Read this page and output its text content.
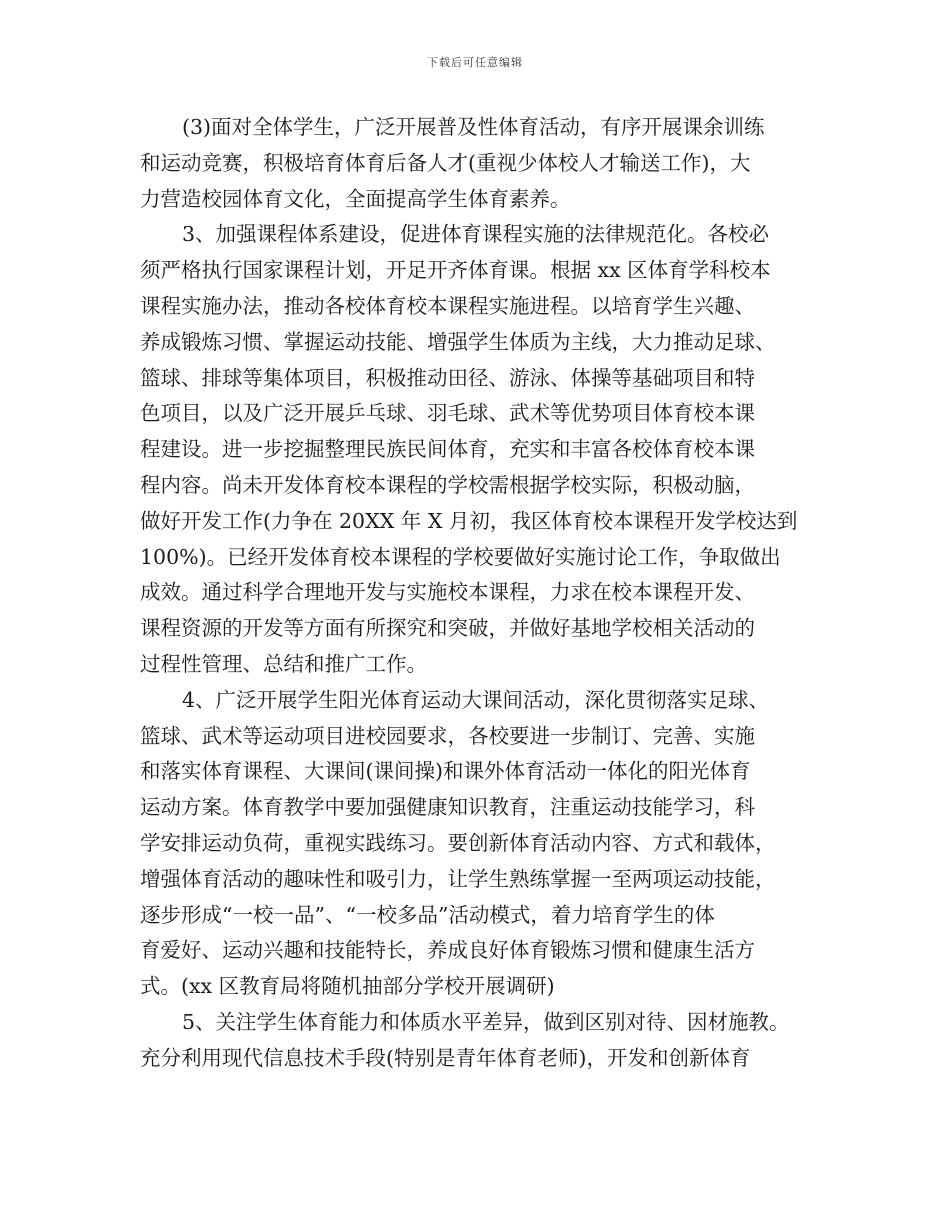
下载后可任意编辑
(3)面对全体学生，广泛开展普及性体育活动，有序开展课余训练
和运动竞赛，积极培育体育后备人才(重视少体校人才输送工作)，大
力营造校园体育文化，全面提高学生体育素养。
3、加强课程体系建设，促进体育课程实施的法律规范化。各校必
须严格执行国家课程计划，开足开齐体育课。根据 xx 区体育学科校本
课程实施办法，推动各校体育校本课程实施进程。以培育学生兴趣、
养成锻炼习惯、掌握运动技能、增强学生体质为主线，大力推动足球、
篮球、排球等集体项目，积极推动田径、游泳、体操等基础项目和特
色项目，以及广泛开展乒乓球、羽毛球、武术等优势项目体育校本课
程建设。进一步挖掘整理民族民间体育，充实和丰富各校体育校本课
程内容。尚未开发体育校本课程的学校需根据学校实际，积极动脑，
做好开发工作(力争在 20XX 年 X 月初，我区体育校本课程开发学校达到
100%)。已经开发体育校本课程的学校要做好实施讨论工作，争取做出
成效。通过科学合理地开发与实施校本课程，力求在校本课程开发、
课程资源的开发等方面有所探究和突破，并做好基地学校相关活动的
过程性管理、总结和推广工作。
4、广泛开展学生阳光体育运动大课间活动，深化贯彻落实足球、
篮球、武术等运动项目进校园要求，各校要进一步制订、完善、实施
和落实体育课程、大课间(课间操)和课外体育活动一体化的阳光体育
运动方案。体育教学中要加强健康知识教育，注重运动技能学习，科
学安排运动负荷，重视实践练习。要创新体育活动内容、方式和载体，
增强体育活动的趣味性和吸引力，让学生熟练掌握一至两项运动技能，
逐步形成“一校一品”、“一校多品”活动模式，着力培育学生的体
育爱好、运动兴趣和技能特长，养成良好体育锻炼习惯和健康生活方
式。(xx 区教育局将随机抽部分学校开展调研)
5、关注学生体育能力和体质水平差异，做到区别对待、因材施教。
充分利用现代信息技术手段(特别是青年体育老师)，开发和创新体育
